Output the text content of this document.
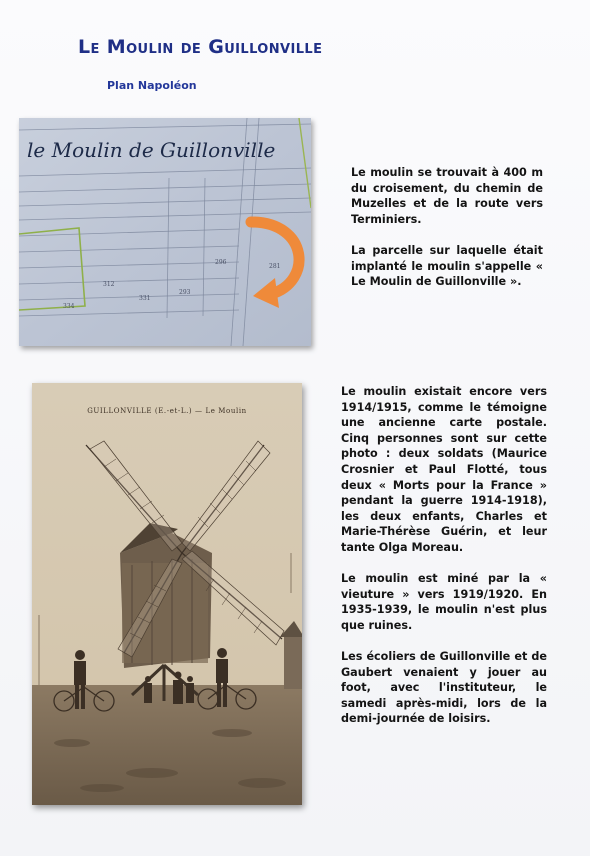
Le Moulin de Guillonville
Plan Napoléon
312
331
293
334
296
281
le Moulin de Guillonville
GUILLONVILLE (E.-et-L.) — Le Moulin

Le moulin se trouvait à 400 m du croisement, du chemin de Muzelles et de la route vers Terminiers.

La parcelle sur laquelle était implanté le moulin s'appelle « Le Moulin de Guillonville ».

Le moulin existait encore vers 1914/1915, comme le témoigne une ancienne carte postale. Cinq personnes sont sur cette photo : deux soldats (Maurice Crosnier et Paul Flotté, tous deux « Morts pour la France » pendant la guerre 1914-1918), les deux enfants, Charles et Marie-Thérèse Guérin, et leur tante Olga Moreau.

Le moulin est miné par la « vieuture » vers 1919/1920. En 1935-1939, le moulin n'est plus que ruines.

Les écoliers de Guillonville et de Gaubert venaient y jouer au foot, avec l'instituteur, le samedi après-midi, lors de la demi-journée de loisirs.
